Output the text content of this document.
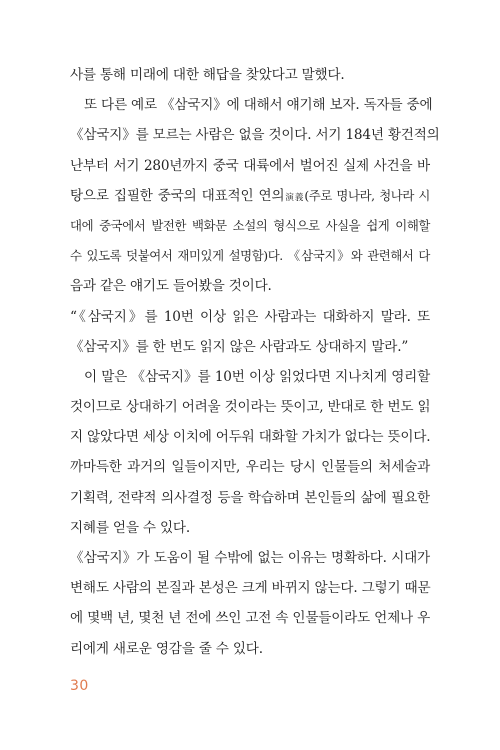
사를 통해 미래에 대한 해답을 찾았다고 말했다.
또 다른 예로 《삼국지》에 대해서 얘기해 보자. 독자들 중에
《삼국지》를 모르는 사람은 없을 것이다. 서기 184년 황건적의
난부터 서기 280년까지 중국 대륙에서 벌어진 실제 사건을 바
탕으로 집필한 중국의 대표적인 연의演義(주로 명나라, 청나라 시
대에 중국에서 발전한 백화문 소설의 형식으로 사실을 쉽게 이해할
수 있도록 덧붙여서 재미있게 설명함)다. 《삼국지》와 관련해서 다
음과 같은 얘기도 들어봤을 것이다.
“《삼국지》를 10번 이상 읽은 사람과는 대화하지 말라. 또
《삼국지》를 한 번도 읽지 않은 사람과도 상대하지 말라.”
이 말은 《삼국지》를 10번 이상 읽었다면 지나치게 영리할
것이므로 상대하기 어려울 것이라는 뜻이고, 반대로 한 번도 읽
지 않았다면 세상 이치에 어두워 대화할 가치가 없다는 뜻이다.
까마득한 과거의 일들이지만, 우리는 당시 인물들의 처세술과
기획력, 전략적 의사결정 등을 학습하며 본인들의 삶에 필요한
지혜를 얻을 수 있다.
《삼국지》가 도움이 될 수밖에 없는 이유는 명확하다. 시대가
변해도 사람의 본질과 본성은 크게 바뀌지 않는다. 그렇기 때문
에 몇백 년, 몇천 년 전에 쓰인 고전 속 인물들이라도 언제나 우
리에게 새로운 영감을 줄 수 있다.
30
